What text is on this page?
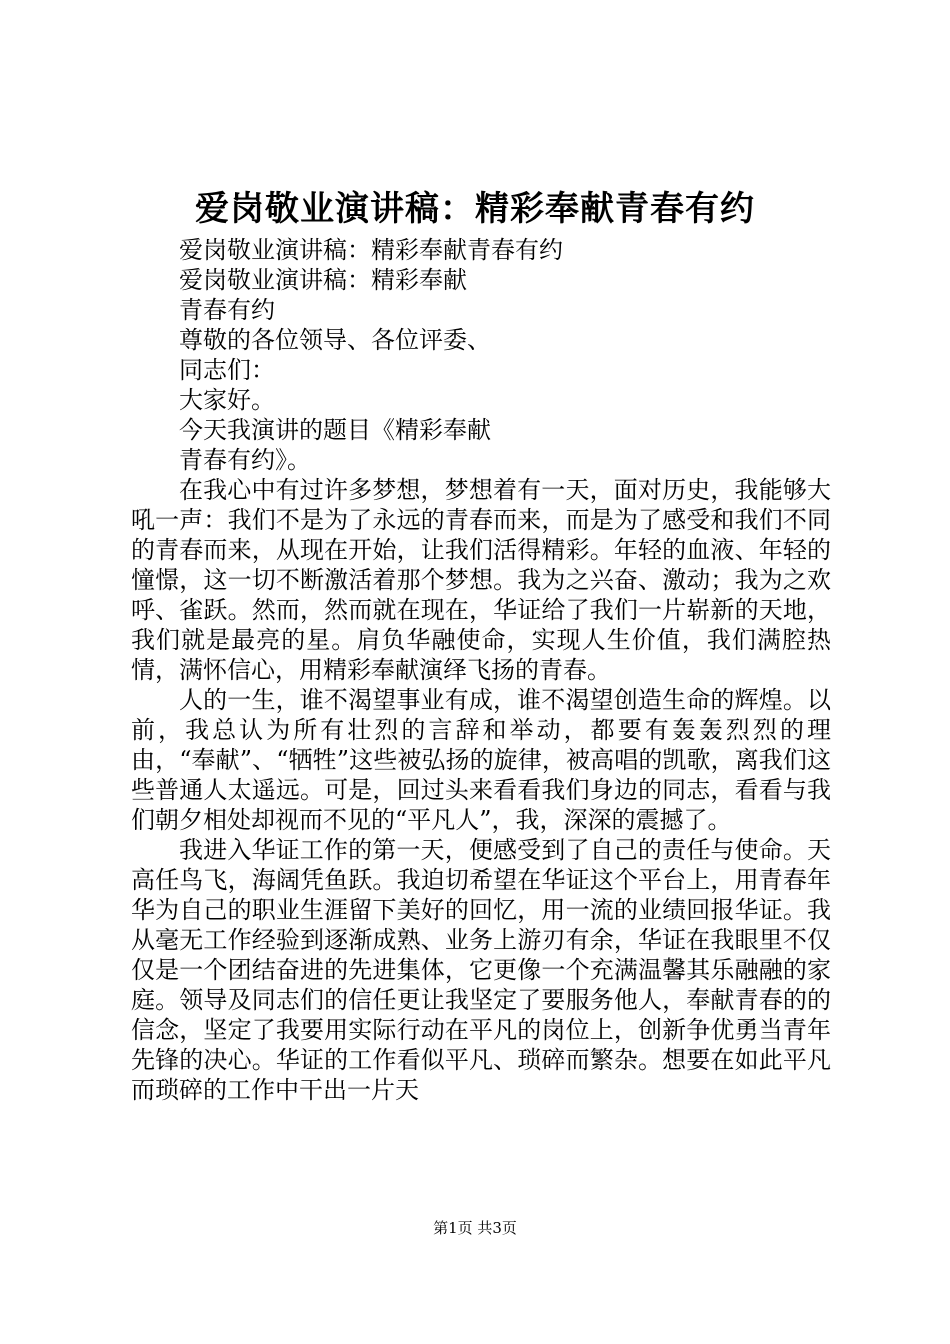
爱岗敬业演讲稿：精彩奉献青春有约
爱岗敬业演讲稿：精彩奉献青春有约
爱岗敬业演讲稿：精彩奉献
青春有约
尊敬的各位领导、各位评委、
同志们：
大家好。
今天我演讲的题目《精彩奉献
青春有约》。

在我心中有过许多梦想，梦想着有一天，面对历史，我能够大吼一声：我们不是为了永远的青春而来，而是为了感受和我们不同的青春而来，从现在开始，让我们活得精彩。年轻的血液、年轻的憧憬，这一切不断激活着那个梦想。我为之兴奋、激动；我为之欢呼、雀跃。然而，然而就在现在，华证给了我们一片崭新的天地，我们就是最亮的星。肩负华融使命，实现人生价值，我们满腔热情，满怀信心，用精彩奉献演绎飞扬的青春。

人的一生，谁不渴望事业有成，谁不渴望创造生命的辉煌。以前，我总认为所有壮烈的言辞和举动，都要有轰轰烈烈的理由，“奉献”、“牺牲”这些被弘扬的旋律，被高唱的凯歌，离我们这些普通人太遥远。可是，回过头来看看我们身边的同志，看看与我们朝夕相处却视而不见的“平凡人”，我，深深的震撼了。

我进入华证工作的第一天，便感受到了自己的责任与使命。天高任鸟飞，海阔凭鱼跃。我迫切希望在华证这个平台上，用青春年华为自己的职业生涯留下美好的回忆，用一流的业绩回报华证。我从毫无工作经验到逐渐成熟、业务上游刃有余，华证在我眼里不仅仅是一个团结奋进的先进集体，它更像一个充满温馨其乐融融的家庭。领导及同志们的信任更让我坚定了要服务他人，奉献青春的的信念，坚定了我要用实际行动在平凡的岗位上，创新争优勇当青年先锋的决心。华证的工作看似平凡、琐碎而繁杂。想要在如此平凡而琐碎的工作中干出一片天

第1页 共3页
